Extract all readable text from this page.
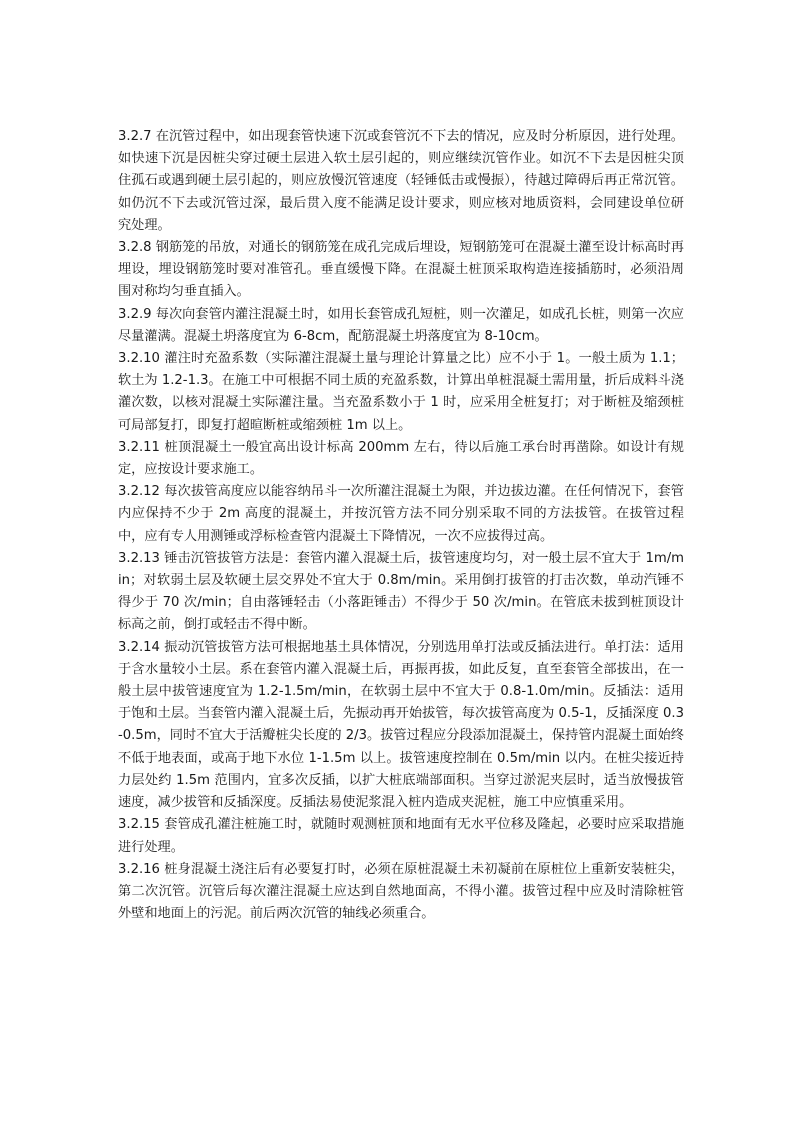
3.2.7 在沉管过程中，如出现套管快速下沉或套管沉不下去的情况，应及时分析原因，进行处理。如快速下沉是因桩尖穿过硬土层进入软土层引起的，则应继续沉管作业。如沉不下去是因桩尖顶住孤石或遇到硬土层引起的，则应放慢沉管速度（轻锤低击或慢振），待越过障碍后再正常沉管。如仍沉不下去或沉管过深，最后贯入度不能满足设计要求，则应核对地质资料，会同建设单位研究处理。

3.2.8 钢筋笼的吊放，对通长的钢筋笼在成孔完成后埋设，短钢筋笼可在混凝土灌至设计标高时再埋设，埋设钢筋笼时要对准管孔。垂直缓慢下降。在混凝土桩顶采取构造连接插筋时，必须沿周围对称均匀垂直插入。

3.2.9 每次向套管内灌注混凝土时，如用长套管成孔短桩，则一次灌足，如成孔长桩，则第一次应尽量灌满。混凝土坍落度宜为 6-8cm，配筋混凝土坍落度宜为 8-10cm。

3.2.10 灌注时充盈系数（实际灌注混凝土量与理论计算量之比）应不小于 1。一般土质为 1.1；软土为 1.2-1.3。在施工中可根据不同土质的充盈系数，计算出单桩混凝土需用量，折后成料斗浇灌次数，以核对混凝土实际灌注量。当充盈系数小于 1 时，应采用全桩复打；对于断桩及缩颈桩可局部复打，即复打超暄断桩或缩颈桩 1m 以上。

3.2.11 桩顶混凝土一般宜高出设计标高 200mm 左右，待以后施工承台时再凿除。如设计有规定，应按设计要求施工。

3.2.12 每次拔管高度应以能容纳吊斗一次所灌注混凝土为限，并边拔边灌。在任何情况下，套管内应保持不少于 2m 高度的混凝土，并按沉管方法不同分别采取不同的方法拔管。在拔管过程中，应有专人用测锤或浮标检查管内混凝土下降情况，一次不应拔得过高。

3.2.13 锤击沉管拔管方法是：套管内灌入混凝土后，拔管速度均匀，对一般土层不宜大于 1m/min；对软弱土层及软硬土层交界处不宜大于 0.8m/min。采用倒打拔管的打击次数，单动汽锤不得少于 70 次/min；自由落锤轻击（小落距锤击）不得少于 50 次/min。在管底未拔到桩顶设计标高之前，倒打或轻击不得中断。

3.2.14 振动沉管拔管方法可根据地基土具体情况，分别选用单打法或反插法进行。单打法：适用于含水量较小土层。系在套管内灌入混凝土后，再振再拔，如此反复，直至套管全部拔出，在一般土层中拔管速度宜为 1.2-1.5m/min，在软弱土层中不宜大于 0.8-1.0m/min。反插法：适用于饱和土层。当套管内灌入混凝土后，先振动再开始拔管，每次拔管高度为 0.5-1，反插深度 0.3-0.5m，同时不宜大于活瓣桩尖长度的 2/3。拔管过程应分段添加混凝土，保持管内混凝土面始终不低于地表面，或高于地下水位 1-1.5m 以上。拔管速度控制在 0.5m/min 以内。在桩尖接近持力层处约 1.5m 范围内，宜多次反插，以扩大桩底端部面积。当穿过淤泥夹层时，适当放慢拔管速度，减少拔管和反插深度。反插法易使泥浆混入桩内造成夹泥桩，施工中应慎重采用。

3.2.15 套管成孔灌注桩施工时，就随时观测桩顶和地面有无水平位移及隆起，必要时应采取措施进行处理。

3.2.16 桩身混凝土浇注后有必要复打时，必须在原桩混凝土未初凝前在原桩位上重新安装桩尖，第二次沉管。沉管后每次灌注混凝土应达到自然地面高，不得小灌。拔管过程中应及时清除桩管外壁和地面上的污泥。前后两次沉管的轴线必须重合。
